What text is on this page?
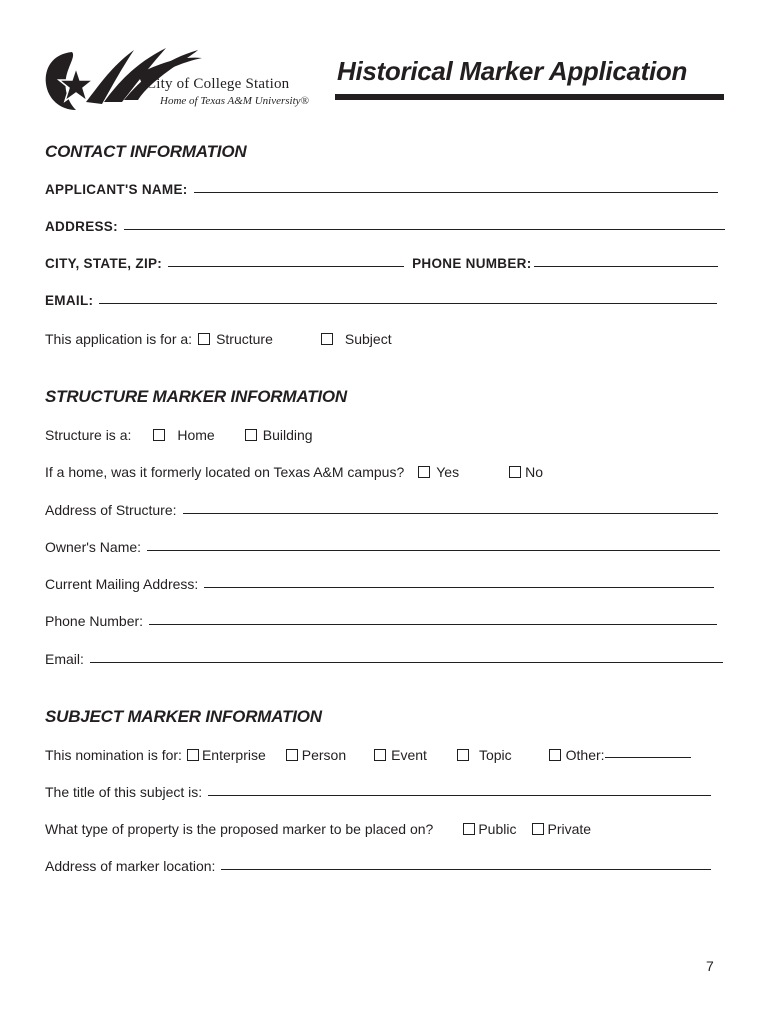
City of College Station
Home of Texas A&M University®
Historical Marker Application
CONTACT INFORMATION
APPLICANT'S NAME:
ADDRESS:
CITY, STATE, ZIP:	PHONE NUMBER:
EMAIL:
This application is for a: Structure	Subject
STRUCTURE MARKER INFORMATION
Structure is a:	Home	Building
If a home, was it formerly located on Texas A&M campus? Yes	No
Address of Structure:
Owner's Name:
Current Mailing Address:
Phone Number:
Email:
SUBJECT MARKER INFORMATION
This nomination is for: Enterprise	Person	Event	Topic	Other:
The title of this subject is:
What type of property is the proposed marker to be placed on?	Public Private
Address of marker location:
7
